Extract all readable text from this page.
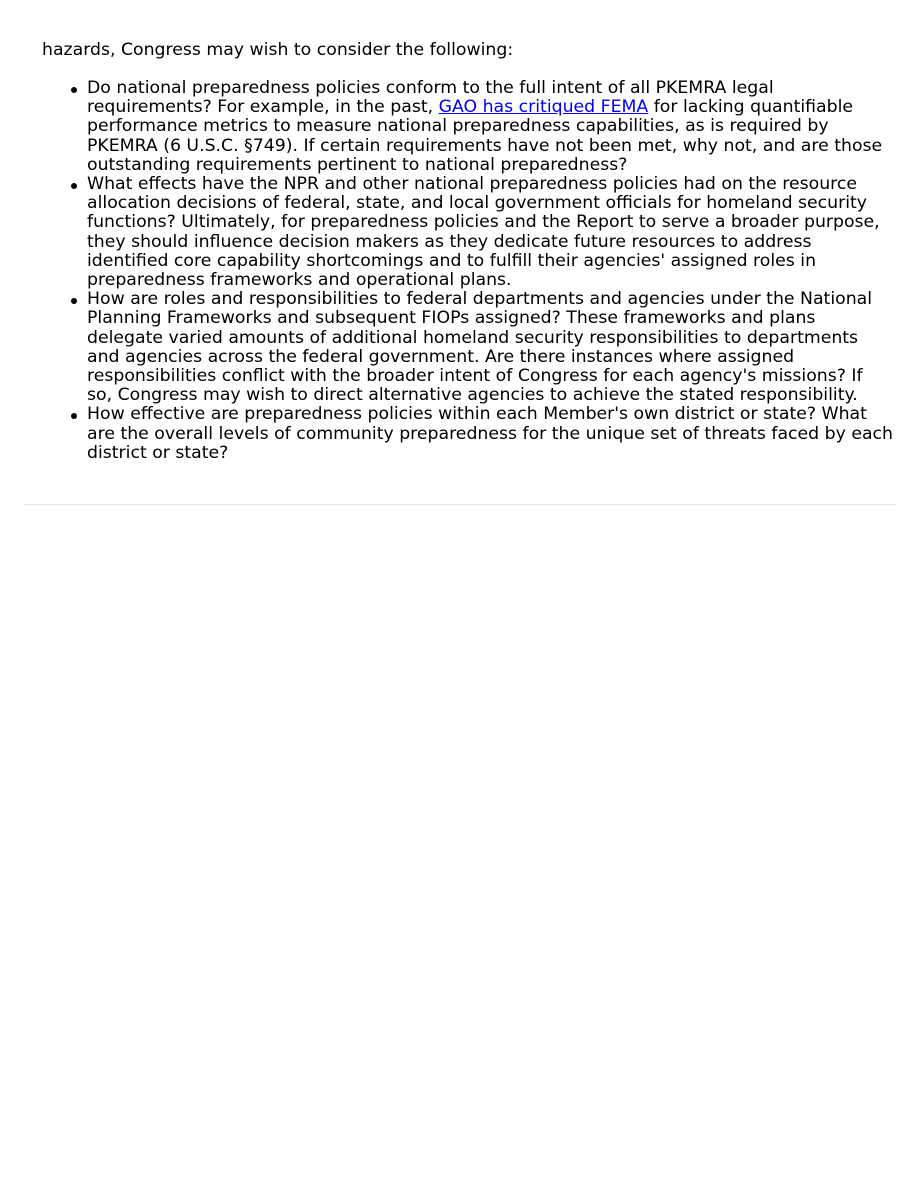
hazards, Congress may wish to consider the following:

Do national preparedness policies conform to the full intent of all PKEMRA legal requirements? For example, in the past, GAO has critiqued FEMA for lacking quantifiable performance metrics to measure national preparedness capabilities, as is required by PKEMRA (6 U.S.C. §749). If certain requirements have not been met, why not, and are those outstanding requirements pertinent to national preparedness?
What effects have the NPR and other national preparedness policies had on the resource allocation decisions of federal, state, and local government officials for homeland security functions? Ultimately, for preparedness policies and the Report to serve a broader purpose, they should influence decision makers as they dedicate future resources to address identified core capability shortcomings and to fulfill their agencies' assigned roles in preparedness frameworks and operational plans.
How are roles and responsibilities to federal departments and agencies under the National Planning Frameworks and subsequent FIOPs assigned? These frameworks and plans delegate varied amounts of additional homeland security responsibilities to departments and agencies across the federal government. Are there instances where assigned responsibilities conflict with the broader intent of Congress for each agency's missions? If so, Congress may wish to direct alternative agencies to achieve the stated responsibility.
How effective are preparedness policies within each Member's own district or state? What are the overall levels of community preparedness for the unique set of threats faced by each district or state?
